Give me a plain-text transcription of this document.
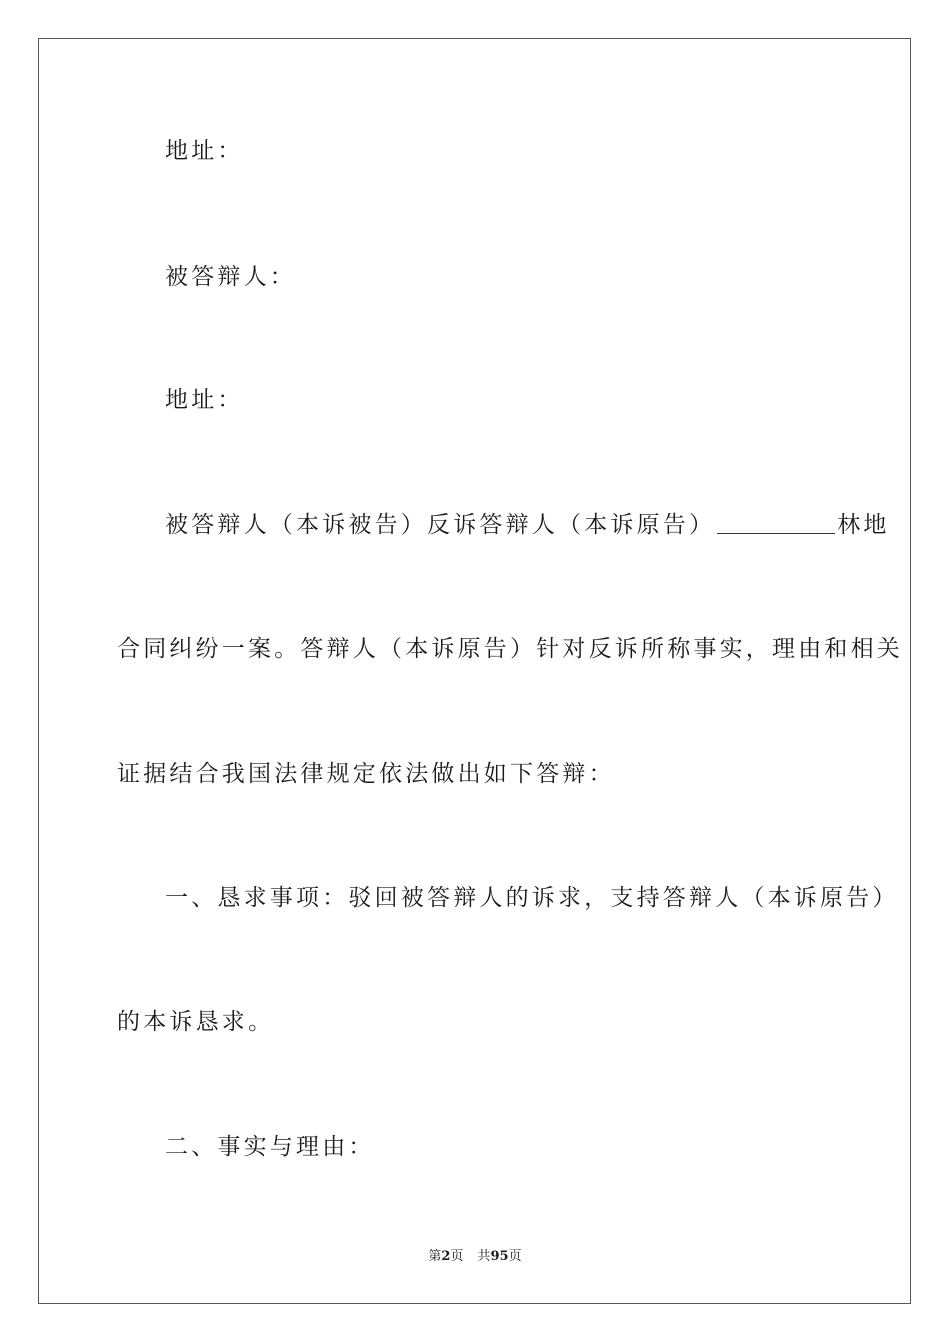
地址：
被答辩人：
地址：
被答辩人（本诉被告）反诉答辩人（本诉原告）	林地
合同纠纷一案。答辩人（本诉原告）针对反诉所称事实，理由和相关
证据结合我国法律规定依法做出如下答辩：
一、恳求事项：驳回被答辩人的诉求，支持答辩人（本诉原告）
的本诉恳求。
二、事实与理由：
第2页 共95页
